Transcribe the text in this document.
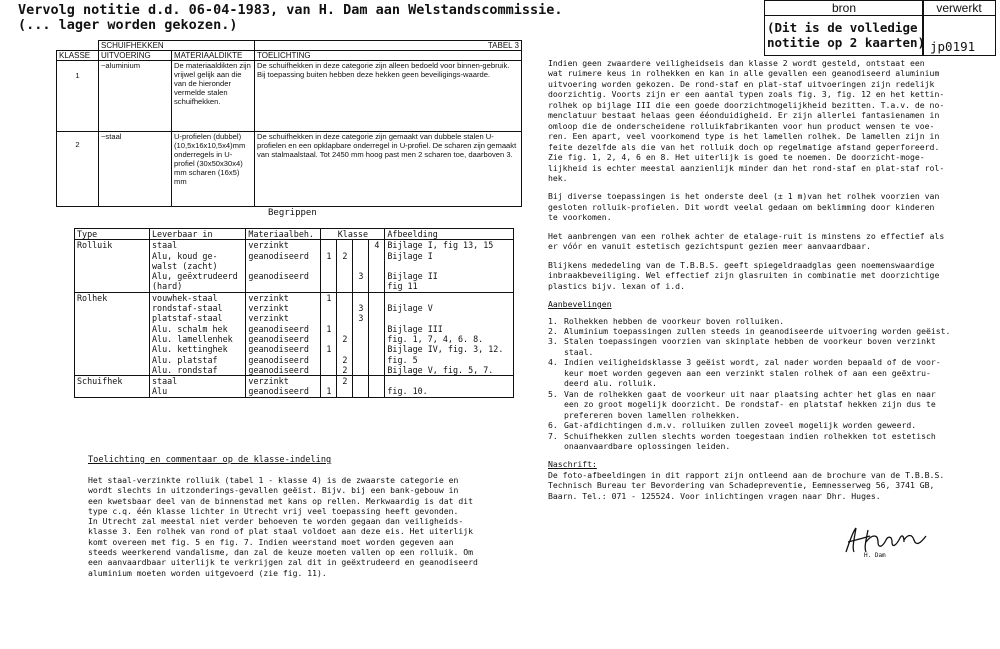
Vervolg notitie d.d. 06-04-1983, van H. Dam aan Welstandscommissie.
(... lager worden gekozen.)
bron	verwerkt
(Dit is de volledige
notitie op 2 kaarten) jp0191
	SCHUIFHEKKEN		TABEL 3
KLASSE	UITVOERING	MATERIAALDIKTE	TOELICHTING
1	~aluminium	De materiaaldikten zijn vrijwel gelijk aan die van de hieronder vermelde stalen schuifhekken.	De schuifhekken in deze categorie zijn alleen bedoeld voor binnen-gebruik. Bij toepassing buiten hebben deze hekken geen beveiligings-waarde.
2	~staal	U-profielen (dubbel) (10,5x16x10,5x4)mm onderregels in U-profiel (30x50x30x4) mm scharen (16x5) mm	De schuifhekken in deze categorie zijn gemaakt van dubbele stalen U-profielen en een opklapbare onderregel in U-profiel. De scharen zijn gemaakt van stalmaalstaal. Tot 2450 mm hoog past men 2 scharen toe, daarboven 3.
Begrippen
Type	Leverbaar in	Materiaalbeh.	Klasse				Afbeelding
Rolluik	staal	verzinkt				4	Bijlage I, fig 13, 15
	Alu, koud ge-	geanodiseerd	1	2			Bijlage I
	walst (zacht)						
	Alu, geëxtrudeerd	geanodiseerd			3		Bijlage II
	(hard)						fig 11
Rolhek	vouwhek-staal	verzinkt	1				
	rondstaf-staal	verzinkt			3		Bijlage V
	platstaf-staal	verzinkt			3		
	Alu. schalm hek	geanodiseerd	1				Bijlage III
	Alu. lamellenhek	geanodiseerd		2			fig. 1, 7, 4, 6. 8.
	Alu. kettinghek	geanodiseerd	1				Bijlage IV, fig. 3, 12.
	Alu. platstaf	geanodiseerd		2			fig. 5
	Alu. rondstaf	geanodiseerd		2			Bijlage V, fig. 5, 7.
Schuifhek	staal	verzinkt		2			
	Alu	geanodiseerd	1				fig. 10.
Toelichting en commentaar op de klasse-indeling
Het staal-verzinkte rolluik (tabel 1 - klasse 4) is de zwaarste categorie en
wordt slechts in uitzonderings-gevallen geëist. Bijv. bij een bank-gebouw in
een kwetsbaar deel van de binnenstad met kans op rellen. Merkwaardig is dat dit
type c.q. één klasse lichter in Utrecht vrij veel toepassing heeft gevonden.
In Utrecht zal meestal niet verder behoeven te worden gegaan dan veiligheids-
klasse 3. Een rolhek van rond of plat staal voldoet aan deze eis. Het uiterlijk
komt overeen met fig. 5 en fig. 7. Indien weerstand moet worden gegeven aan
steeds weerkerend vandalisme, dan zal de keuze moeten vallen op een rolluik. Om
een aanvaardbaar uiterlijk te verkrijgen zal dit in geëxtrudeerd en geanodiseerd
aluminium moeten worden uitgevoerd (zie fig. 11).

Indien geen zwaardere veiligheidseis dan klasse 2 wordt gesteld, ontstaat een
wat ruimere keus in rolhekken en kan in alle gevallen een geanodiseerd aluminium
uitvoering worden gekozen. De rond-staf en plat-staf uitvoeringen zijn redelijk
doorzichtig. Voorts zijn er een aantal typen zoals fig. 3, fig. 12 en het kettin-
rolhek op bijlage III die een goede doorzichtmogelijkheid bezitten. T.a.v. de no-
menclatuur bestaat helaas geen ééonduidigheid. Er zijn allerlei fantasienamen in
omloop die de onderscheidene rolluikfabrikanten voor hun product wensen te voe-
ren. Een apart, veel voorkomend type is het lamellen rolhek. De lamellen zijn in
feite dezelfde als die van het rolluik doch op regelmatige afstand geperforeerd.
Zie fig. 1, 2, 4, 6 en 8. Het uiterlijk is goed te noemen. De doorzicht-moge-
lijkheid is echter meestal aanzienlijk minder dan het rond-staf en plat-staf rol-
hek.

Bij diverse toepassingen is het onderste deel (± 1 m)van het rolhek voorzien van
gesloten rolluik-profielen. Dit wordt veelal gedaan om beklimming door kinderen
te voorkomen.

Het aanbrengen van een rolhek achter de etalage-ruit is minstens zo effectief als
er vóór en vanuit estetisch gezichtspunt gezien meer aanvaardbaar.

Blijkens mededeling van de T.B.B.S. geeft spiegeldraadglas geen noemenswaardige
inbraakbeveiliging. Wel effectief zijn glasruiten in combinatie met doorzichtige
plastics bijv. lexan of i.d.

Aanbevelingen

1. Rolhekken hebben de voorkeur boven rolluiken.
2. Aluminium toepassingen zullen steeds in geanodiseerde uitvoering worden geëist.
3. Stalen toepassingen voorzien van skinplate hebben de voorkeur boven verzinkt
staal.
4. Indien veiligheidsklasse 3 geëist wordt, zal nader worden bepaald of de voor-
keur moet worden gegeven aan een verzinkt stalen rolhek of aan een geëxtru-
deerd alu. rolluik.
5. Van de rolhekken gaat de voorkeur uit naar plaatsing achter het glas en naar
een zo groot mogelijk doorzicht. De rondstaf- en platstaf hekken zijn dus te
prefereren boven lamellen rolhekken.
6. Gat-afdichtingen d.m.v. rolluiken zullen zoveel mogelijk worden geweerd.
7. Schuifhekken zullen slechts worden toegestaan indien rolhekken tot estetisch
onaanvaardbare oplossingen leiden.

Naschrift:

De foto-afbeeldingen in dit rapport zijn ontleend aan de brochure van de T.B.B.S.
Technisch Bureau ter Bevordering van Schadepreventie, Eemnesserweg 56, 3741 GB,
Baarn. Tel.: 071 - 125524. Voor inlichtingen vragen naar Dhr. Huges.

H. Dam
